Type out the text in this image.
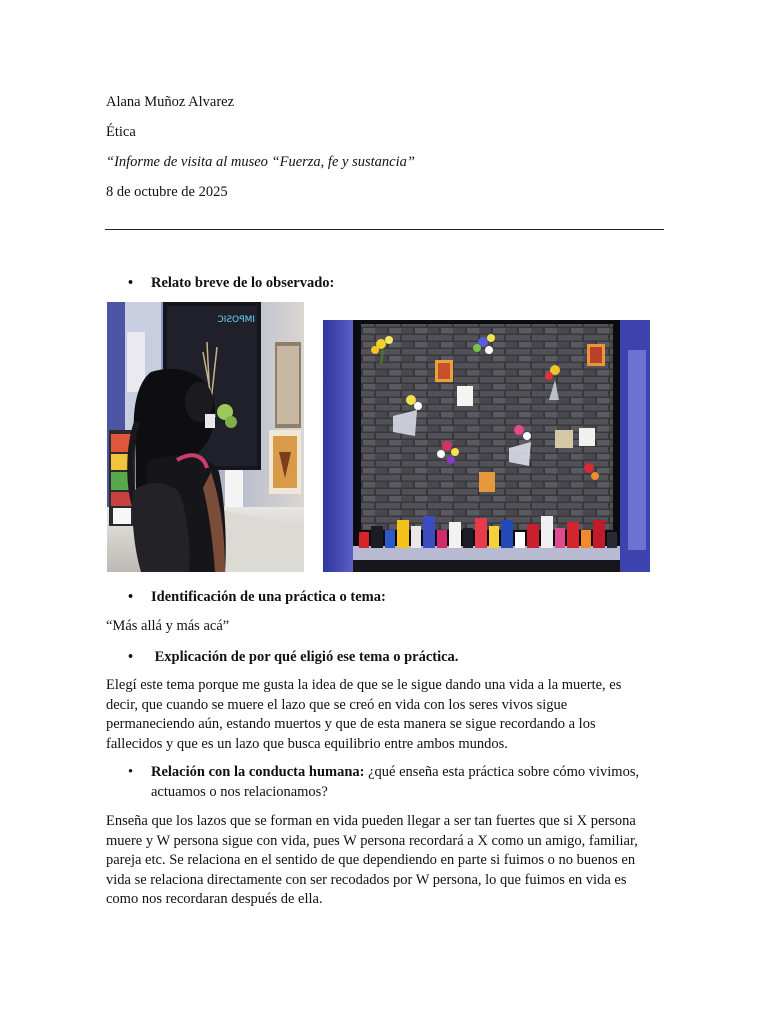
Alana Muñoz Alvarez
Ética
“Informe de visita al museo “Fuerza, fe y sustancia”
8 de octubre de 2025
• Relato breve de lo observado:
IMPOSIC
• Identificación de una práctica o tema:
“Más allá y más acá”
• Explicación de por qué eligió ese tema o práctica.
Elegí este tema porque me gusta la idea de que se le sigue dando una vida a la muerte, es
decir, que cuando se muere el lazo que se creó en vida con los seres vivos sigue
permaneciendo aún, estando muertos y que de esta manera se sigue recordando a los
fallecidos y que es un lazo que busca equilibrio entre ambos mundos.
• Relación con la conducta humana: ¿qué enseña esta práctica sobre cómo vivimos,
actuamos o nos relacionamos?
Enseña que los lazos que se forman en vida pueden llegar a ser tan fuertes que si X persona
muere y W persona sigue con vida, pues W persona recordará a X como un amigo, familiar,
pareja etc. Se relaciona en el sentido de que dependiendo en parte si fuimos o no buenos en
vida se relaciona directamente con ser recodados por W persona, lo que fuimos en vida es
como nos recordaran después de ella.
